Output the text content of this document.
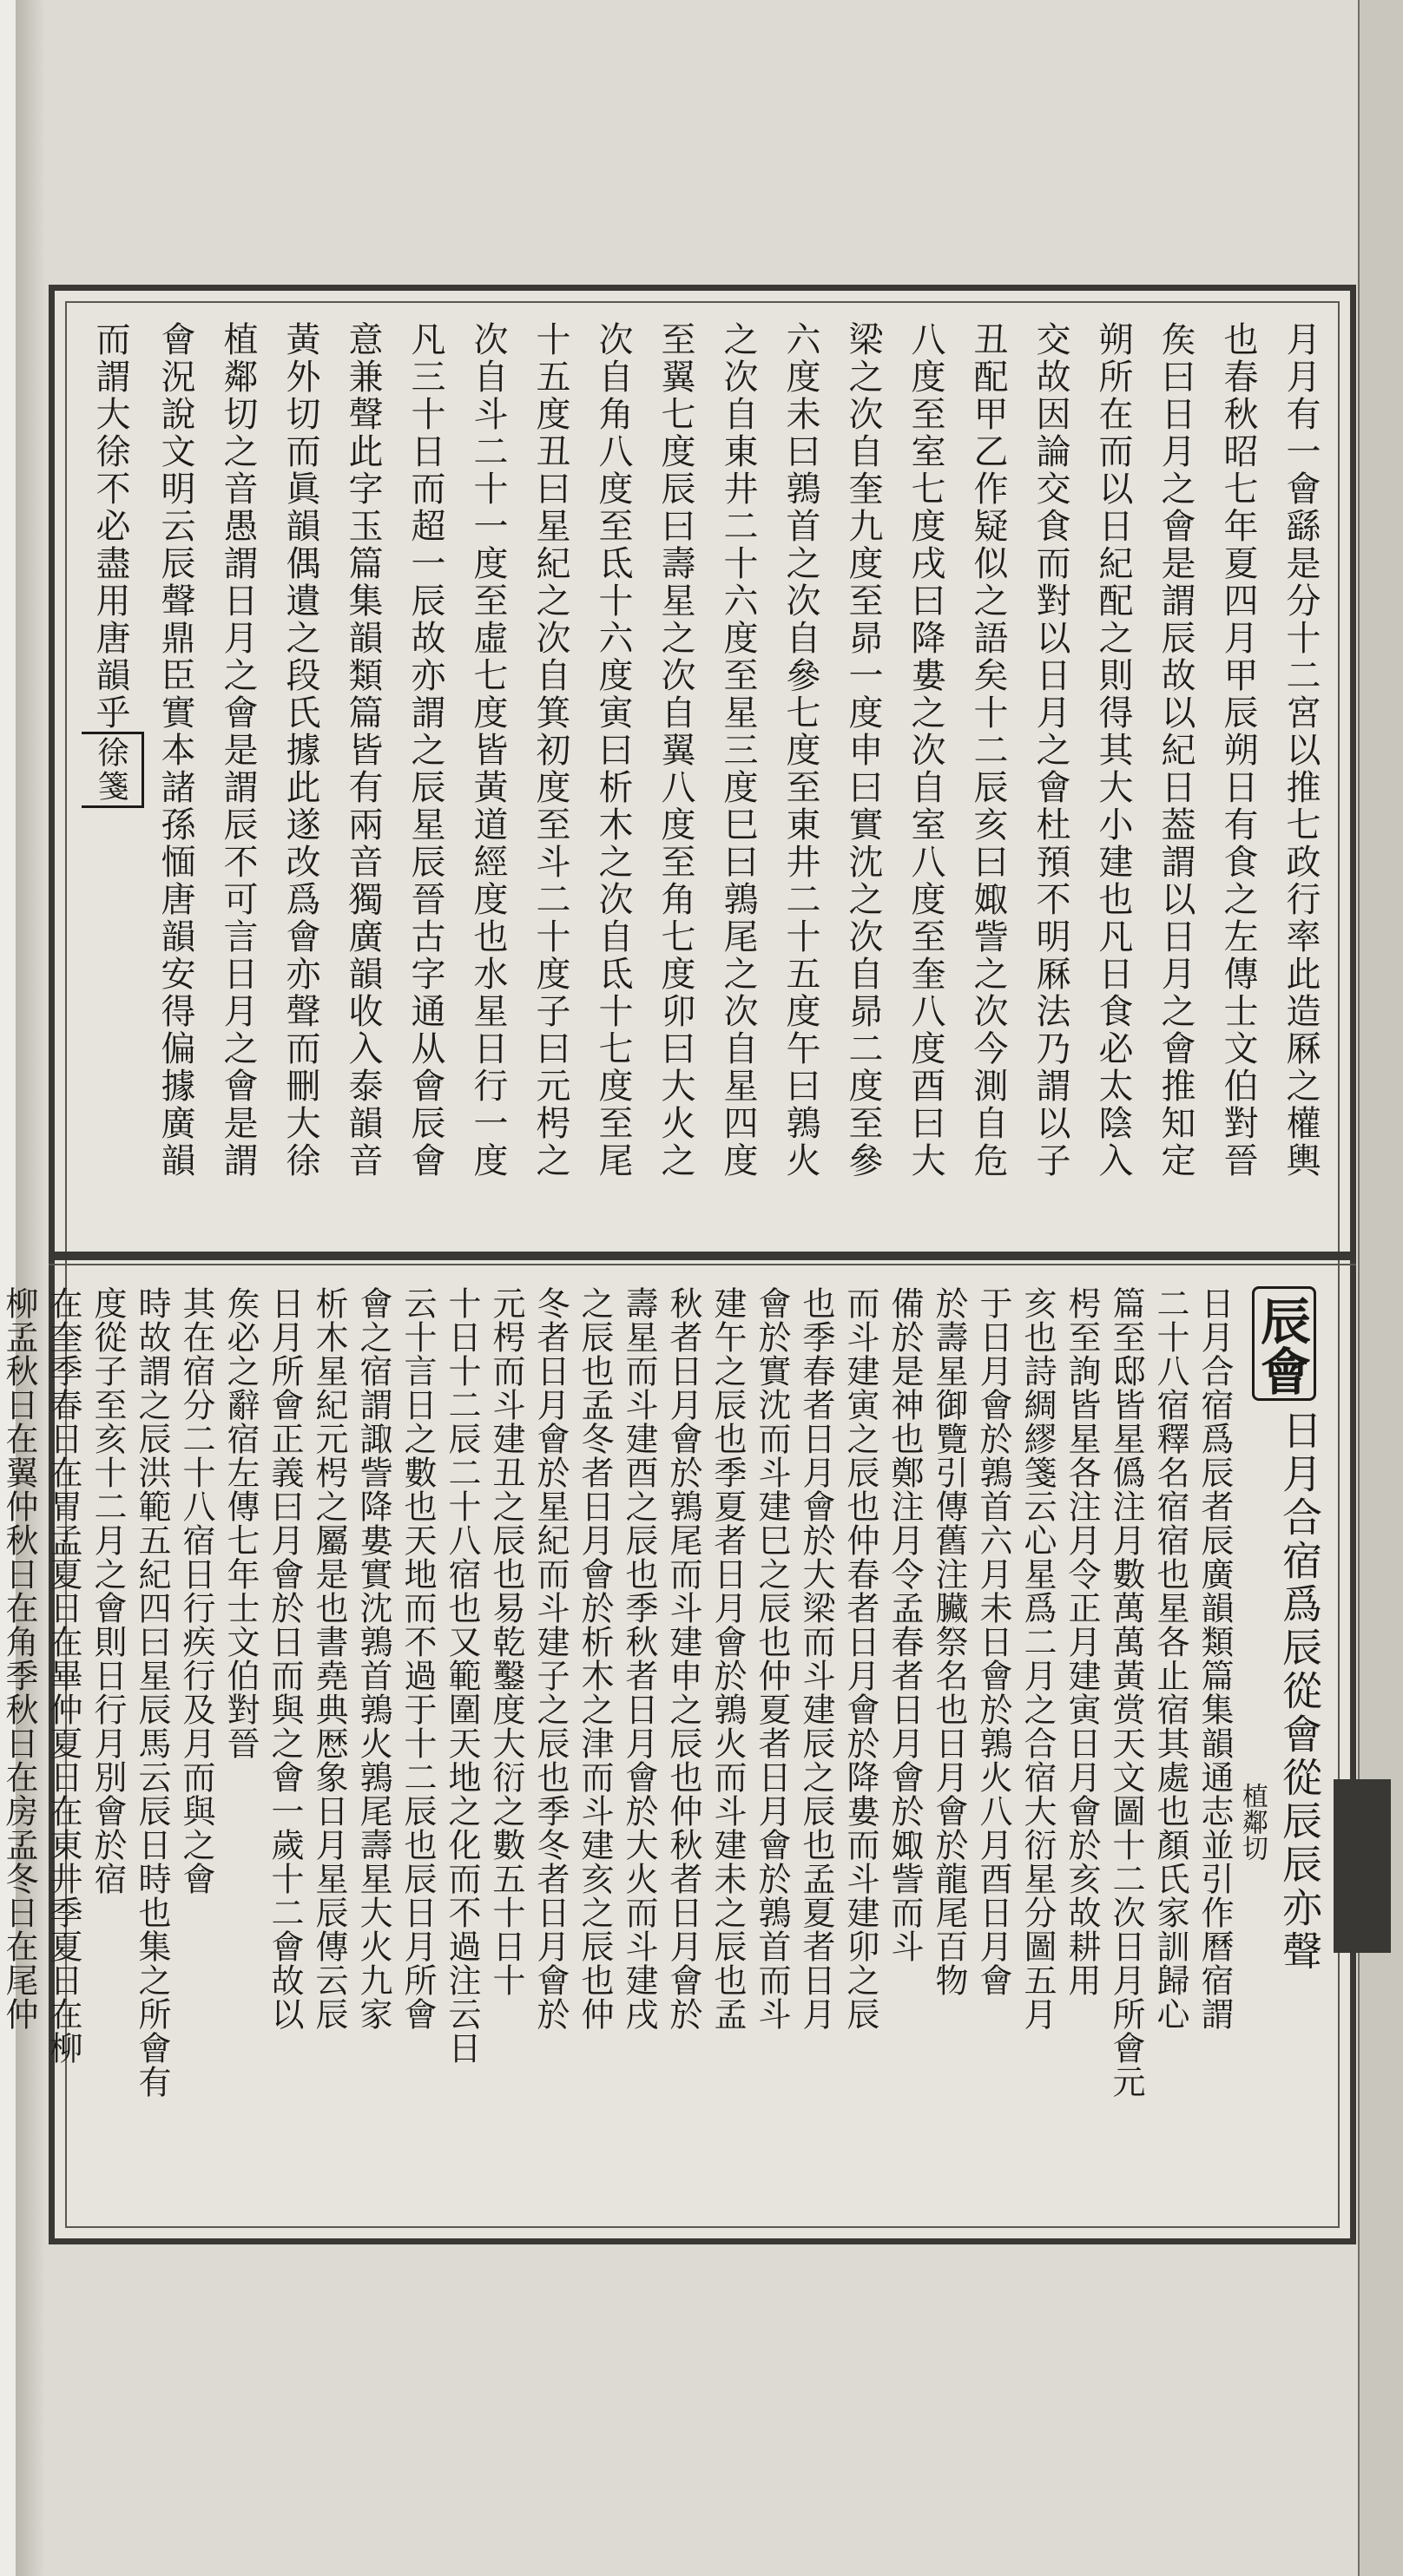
月月有一會繇是分十二宮以推七政行率此造厤之權輿
也春秋昭七年夏四月甲辰朔日有食之左傳士文伯對晉
矦曰日月之會是謂辰故以紀日葢謂以日月之會推知定
朔所在而以日紀配之則得其大小建也凡日食必太陰入
交故因論交食而對以日月之會杜預不明厤法乃謂以子
丑配甲乙作疑似之語矣十二辰亥曰娵訾之次今測自危
八度至室七度戌曰降婁之次自室八度至奎八度酉曰大
梁之次自奎九度至昴一度申曰實沈之次自昴二度至參
六度未曰鶉首之次自參七度至東井二十五度午曰鶉火
之次自東井二十六度至星三度巳曰鶉尾之次自星四度
至翼七度辰曰壽星之次自翼八度至角七度卯曰大火之
次自角八度至氐十六度寅曰析木之次自氐十七度至尾
十五度丑曰星紀之次自箕初度至斗二十度子曰元枵之
次自斗二十一度至虛七度皆黃道經度也水星日行一度
凡三十日而超一辰故亦謂之辰星辰晉古字通从會辰會
意兼聲此字玉篇集韻類篇皆有兩音獨廣韻收入泰韻音
黃外切而眞韻偶遺之段氏據此遂改爲會亦聲而刪大徐
植鄰切之音愚謂日月之會是謂辰不可言日月之會是謂
會況說文明云辰聲鼎臣實本諸孫愐唐韻安得偏據廣韻
而謂大徐不必盡用唐韻乎徐箋
辰會
日月合宿爲辰從會從辰辰亦聲
植鄰切
日月合宿爲辰者辰廣韻類篇集韻通志並引作曆宿謂
二十八宿釋名宿宿也星各止宿其處也顏氏家訓歸心
篇至邸皆星僞注月數萬萬黃赏天文圖十二次日月所會元
枵至詢皆星各注月令正月建寅日月會於亥故耕用
亥也詩綢繆箋云心星爲二月之合宿大衍星分圖五月
于日月會於鶉首六月未日會於鶉火八月酉日月會
於壽星御覽引傳舊注臟祭名也日月會於龍尾百物
備於是神也鄭注月令孟春者日月會於娵訾而斗
而斗建寅之辰也仲春者日月會於降婁而斗建卯之辰
也季春者日月會於大梁而斗建辰之辰也孟夏者日月
會於實沈而斗建巳之辰也仲夏者日月會於鶉首而斗
建午之辰也季夏者日月會於鶉火而斗建未之辰也孟
秋者日月會於鶉尾而斗建申之辰也仲秋者日月會於
壽星而斗建酉之辰也季秋者日月會於大火而斗建戌
之辰也孟冬者日月會於析木之津而斗建亥之辰也仲
冬者日月會於星紀而斗建子之辰也季冬者日月會於
元枵而斗建丑之辰也易乾鑿度大衍之數五十日十
十日十二辰二十八宿也又範圍天地之化而不過注云日
云十言日之數也天地而不過于十二辰也辰日月所會
會之宿謂諏訾降婁實沈鶉首鶉火鶉尾壽星大火九家
析木星紀元枵之屬是也書堯典厯象日月星辰傳云辰
日月所會正義曰月會於日而與之會一歲十二會故以
矦必之辭宿左傳七年士文伯對晉
其在宿分二十八宿日行疾行及月而與之會
時故謂之辰洪範五紀四曰星辰馬云辰日時也集之所會有
度從子至亥十二月之會則日行月別會於宿
在奎季春日在胃孟夏日在畢仲夏日在東井季夏日在柳
柳孟秋日在翼仲秋日在角季秋日在房孟冬日在尾仲
